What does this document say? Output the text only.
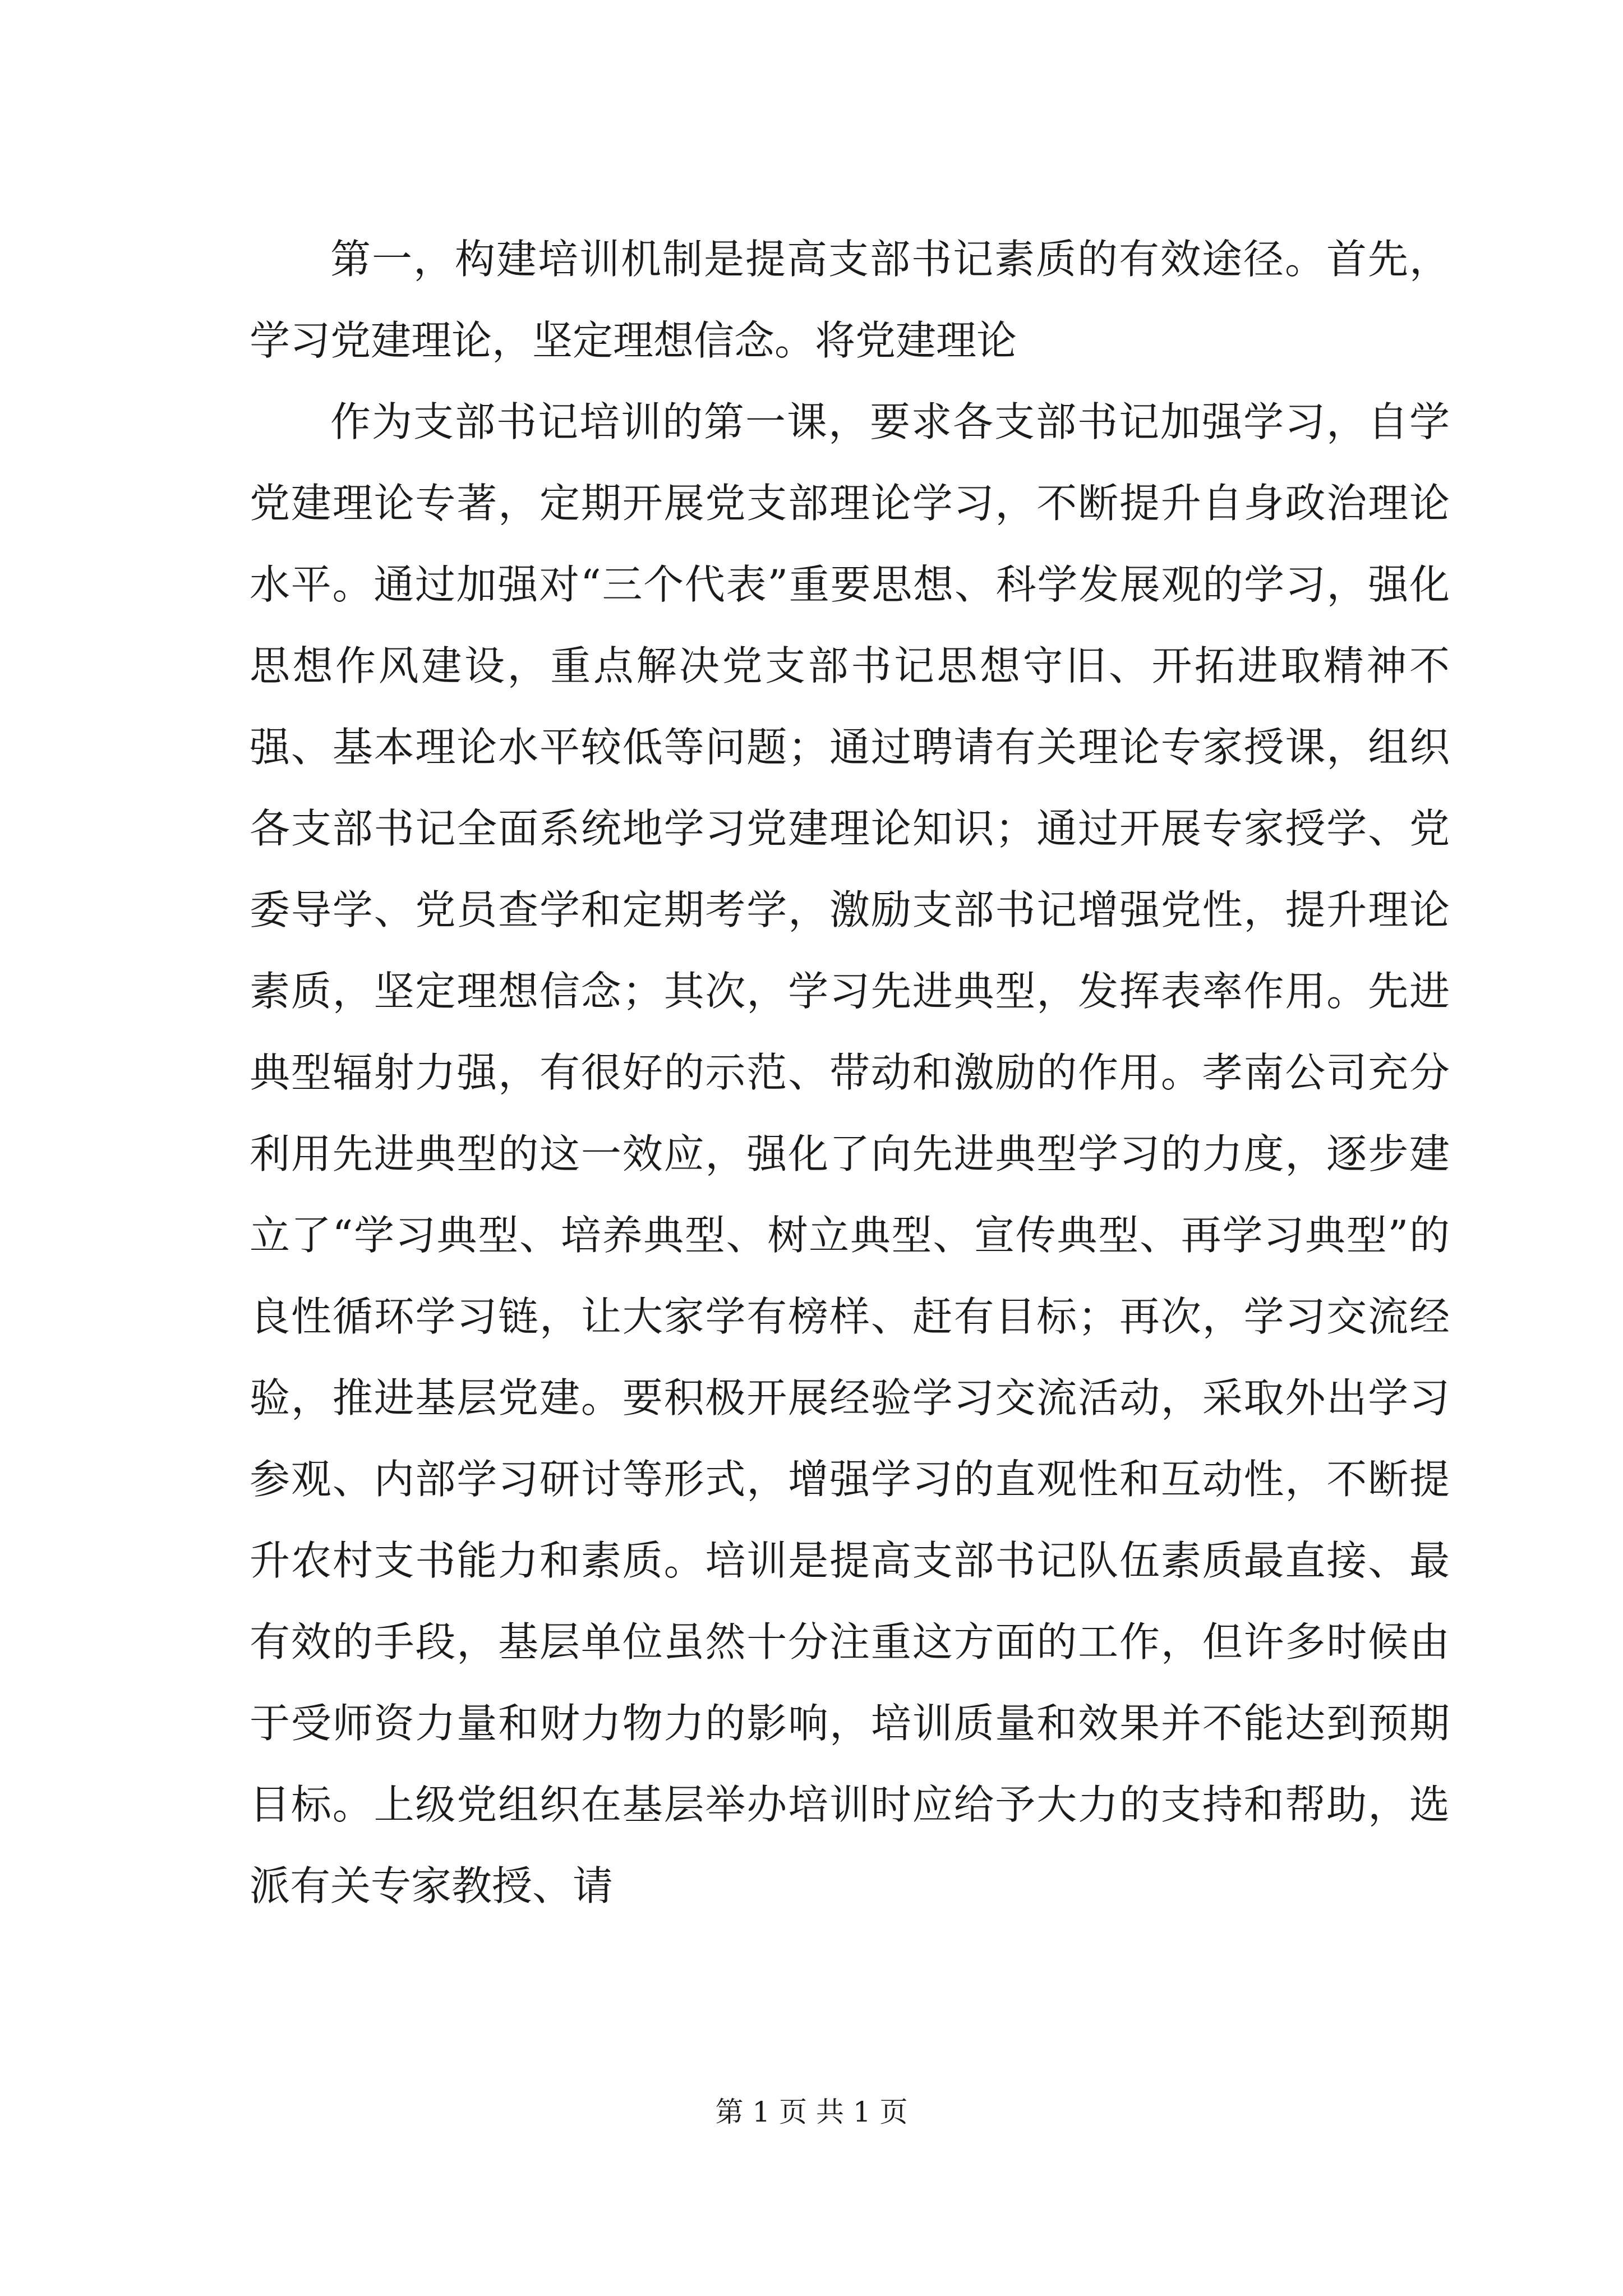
第一，构建培训机制是提高支部书记素质的有效途径。首先，学习党建理论，坚定理想信念。将党建理论

作为支部书记培训的第一课，要求各支部书记加强学习，自学党建理论专著，定期开展党支部理论学习，不断提升自身政治理论水平。通过加强对“三个代表”重要思想、科学发展观的学习，强化思想作风建设，重点解决党支部书记思想守旧、开拓进取精神不强、基本理论水平较低等问题；通过聘请有关理论专家授课，组织各支部书记全面系统地学习党建理论知识；通过开展专家授学、党委导学、党员查学和定期考学，激励支部书记增强党性，提升理论素质，坚定理想信念；其次，学习先进典型，发挥表率作用。先进典型辐射力强，有很好的示范、带动和激励的作用。孝南公司充分利用先进典型的这一效应，强化了向先进典型学习的力度，逐步建立了“学习典型、培养典型、树立典型、宣传典型、再学习典型”的良性循环学习链，让大家学有榜样、赶有目标；再次，学习交流经验，推进基层党建。要积极开展经验学习交流活动，采取外出学习参观、内部学习研讨等形式，增强学习的直观性和互动性，不断提升农村支书能力和素质。培训是提高支部书记队伍素质最直接、最有效的手段，基层单位虽然十分注重这方面的工作，但许多时候由于受师资力量和财力物力的影响，培训质量和效果并不能达到预期目标。上级党组织在基层举办培训时应给予大力的支持和帮助，选派有关专家教授、请

第 1 页 共 1 页
